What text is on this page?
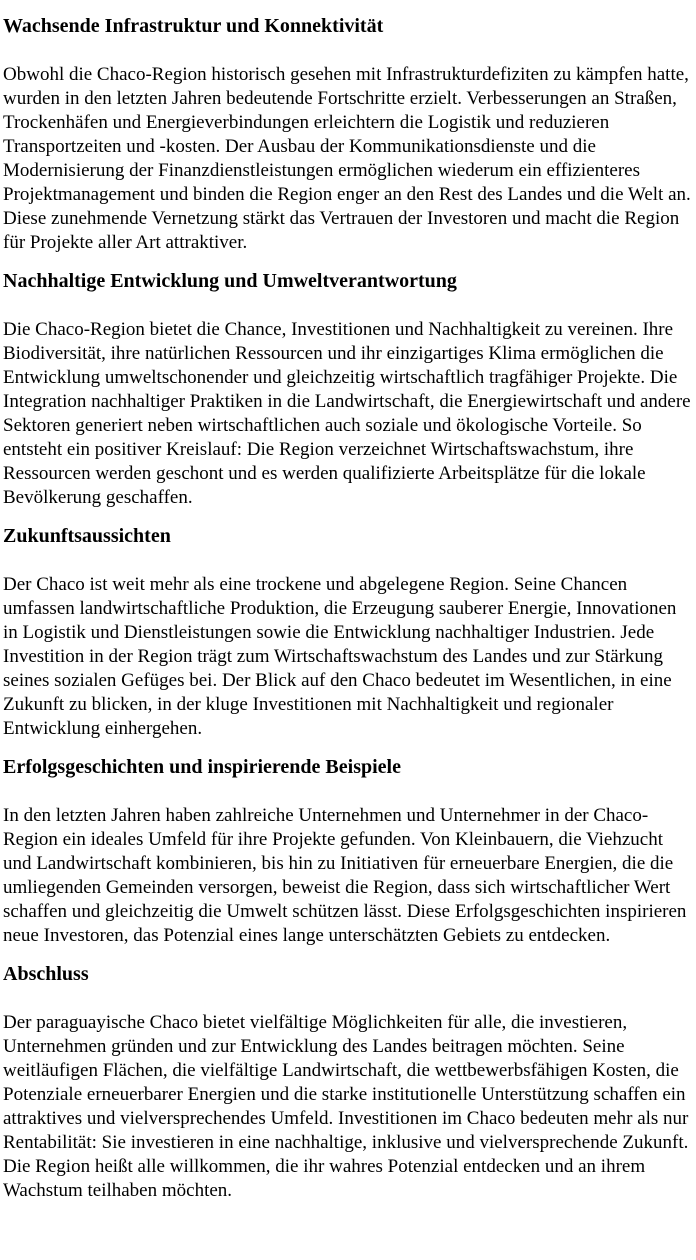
Wachsende Infrastruktur und Konnektivität

Obwohl die Chaco-Region historisch gesehen mit Infrastrukturdefiziten zu kämpfen hatte, wurden in den letzten Jahren bedeutende Fortschritte erzielt. Verbesserungen an Straßen, Trockenhäfen und Energieverbindungen erleichtern die Logistik und reduzieren Transportzeiten und -kosten. Der Ausbau der Kommunikationsdienste und die Modernisierung der Finanzdienstleistungen ermöglichen wiederum ein effizienteres Projektmanagement und binden die Region enger an den Rest des Landes und die Welt an. Diese zunehmende Vernetzung stärkt das Vertrauen der Investoren und macht die Region für Projekte aller Art attraktiver.

Nachhaltige Entwicklung und Umweltverantwortung

Die Chaco-Region bietet die Chance, Investitionen und Nachhaltigkeit zu vereinen. Ihre Biodiversität, ihre natürlichen Ressourcen und ihr einzigartiges Klima ermöglichen die Entwicklung umweltschonender und gleichzeitig wirtschaftlich tragfähiger Projekte. Die Integration nachhaltiger Praktiken in die Landwirtschaft, die Energiewirtschaft und andere Sektoren generiert neben wirtschaftlichen auch soziale und ökologische Vorteile. So entsteht ein positiver Kreislauf: Die Region verzeichnet Wirtschaftswachstum, ihre Ressourcen werden geschont und es werden qualifizierte Arbeitsplätze für die lokale Bevölkerung geschaffen.

Zukunftsaussichten

Der Chaco ist weit mehr als eine trockene und abgelegene Region. Seine Chancen umfassen landwirtschaftliche Produktion, die Erzeugung sauberer Energie, Innovationen in Logistik und Dienstleistungen sowie die Entwicklung nachhaltiger Industrien. Jede Investition in der Region trägt zum Wirtschaftswachstum des Landes und zur Stärkung seines sozialen Gefüges bei. Der Blick auf den Chaco bedeutet im Wesentlichen, in eine Zukunft zu blicken, in der kluge Investitionen mit Nachhaltigkeit und regionaler Entwicklung einhergehen.

Erfolgsgeschichten und inspirierende Beispiele

In den letzten Jahren haben zahlreiche Unternehmen und Unternehmer in der Chaco-Region ein ideales Umfeld für ihre Projekte gefunden. Von Kleinbauern, die Viehzucht und Landwirtschaft kombinieren, bis hin zu Initiativen für erneuerbare Energien, die die umliegenden Gemeinden versorgen, beweist die Region, dass sich wirtschaftlicher Wert schaffen und gleichzeitig die Umwelt schützen lässt. Diese Erfolgsgeschichten inspirieren neue Investoren, das Potenzial eines lange unterschätzten Gebiets zu entdecken.

Abschluss

Der paraguayische Chaco bietet vielfältige Möglichkeiten für alle, die investieren, Unternehmen gründen und zur Entwicklung des Landes beitragen möchten. Seine weitläufigen Flächen, die vielfältige Landwirtschaft, die wettbewerbsfähigen Kosten, die Potenziale erneuerbarer Energien und die starke institutionelle Unterstützung schaffen ein attraktives und vielversprechendes Umfeld. Investitionen im Chaco bedeuten mehr als nur Rentabilität: Sie investieren in eine nachhaltige, inklusive und vielversprechende Zukunft. Die Region heißt alle willkommen, die ihr wahres Potenzial entdecken und an ihrem Wachstum teilhaben möchten.
